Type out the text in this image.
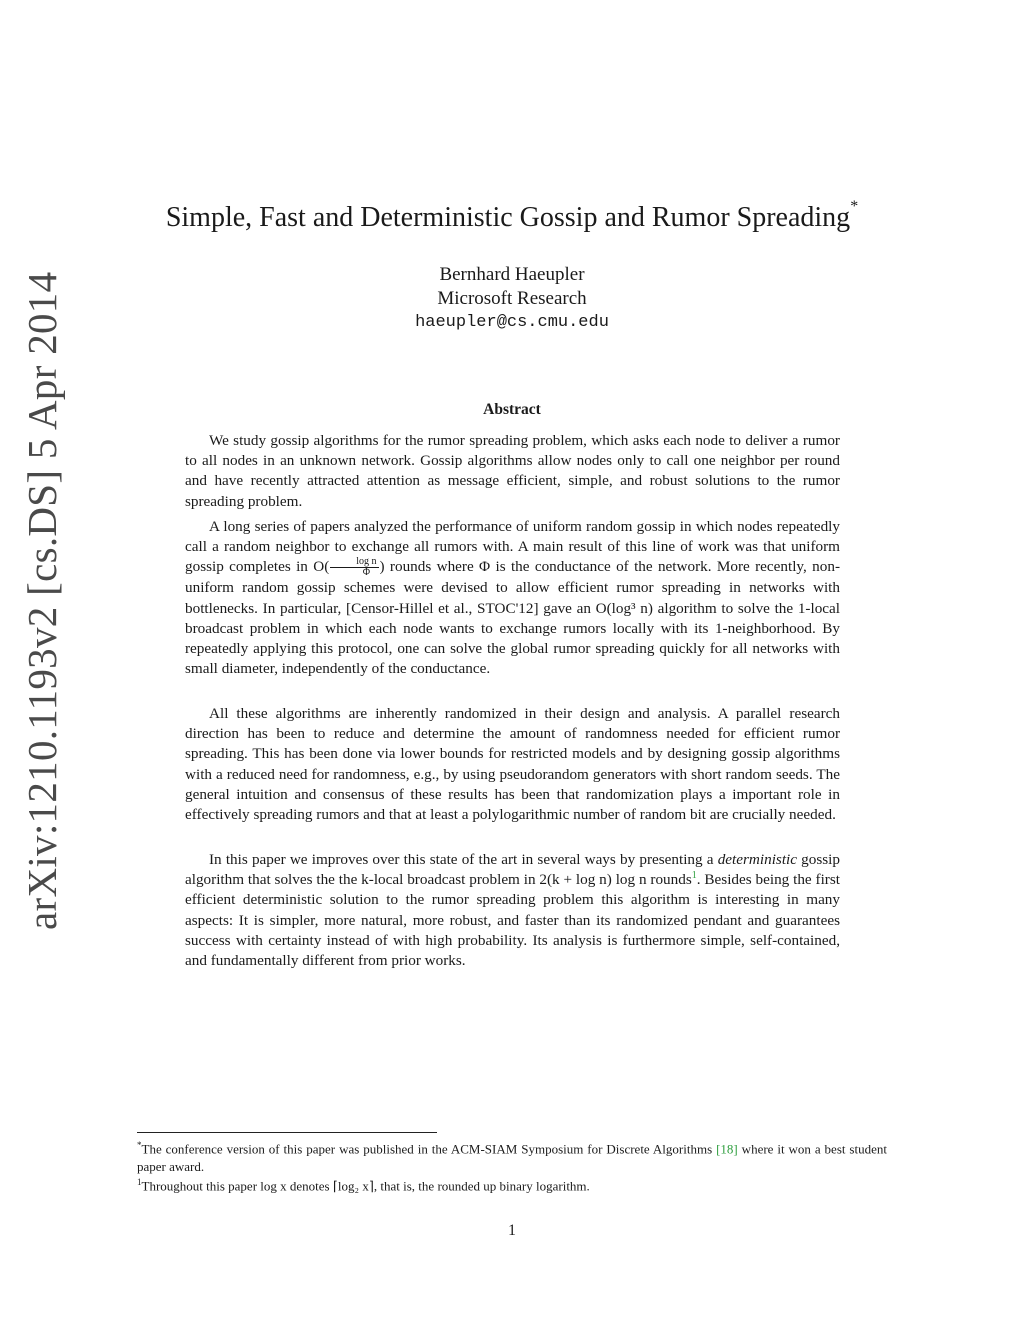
arXiv:1210.1193v2 [cs.DS] 5 Apr 2014
Simple, Fast and Deterministic Gossip and Rumor Spreading*
Bernhard Haeupler
Microsoft Research
haeupler@cs.cmu.edu
Abstract

We study gossip algorithms for the rumor spreading problem, which asks each node to deliver a rumor to all nodes in an unknown network. Gossip algorithms allow nodes only to call one neighbor per round and have recently attracted attention as message efficient, simple, and robust solutions to the rumor spreading problem.

A long series of papers analyzed the performance of uniform random gossip in which nodes repeatedly call a random neighbor to exchange all rumors with. A main result of this line of work was that uniform gossip completes in $O( \frac{\text{log n}}{\Phi}$ ) rounds where Φ is the conductance of the network. More recently, non-uniform random gossip schemes were devised to allow efficient rumor spreading in networks with bottlenecks. In particular, [Censor-Hillel et al., STOC'12] gave an O(log³ n) algorithm to solve the 1-local broadcast problem in which each node wants to exchange rumors locally with its 1-neighborhood. By repeatedly applying this protocol, one can solve the global rumor spreading quickly for all networks with small diameter, independently of the conductance.

All these algorithms are inherently randomized in their design and analysis. A parallel research direction has been to reduce and determine the amount of randomness needed for efficient rumor spreading. This has been done via lower bounds for restricted models and by designing gossip algorithms with a reduced need for randomness, e.g., by using pseudorandom generators with short random seeds. The general intuition and consensus of these results has been that randomization plays a important role in effectively spreading rumors and that at least a polylogarithmic number of random bit are crucially needed.

In this paper we improves over this state of the art in several ways by presenting a deterministic gossip algorithm that solves the the k-local broadcast problem in 2(k + log n) log n rounds$^1$. Besides being the first efficient deterministic solution to the rumor spreading problem this algorithm is interesting in many aspects: It is simpler, more natural, more robust, and faster than its randomized pendant and guarantees success with certainty instead of with high probability. Its analysis is furthermore simple, self-contained, and fundamentally different from prior works.

*The conference version of this paper was published in the ACM-SIAM Symposium for Discrete Algorithms [18] where it won a best student paper award.

$^1$Throughout this paper log x denotes ⌈log₂ x⌉, that is, the rounded up binary logarithm.

1
